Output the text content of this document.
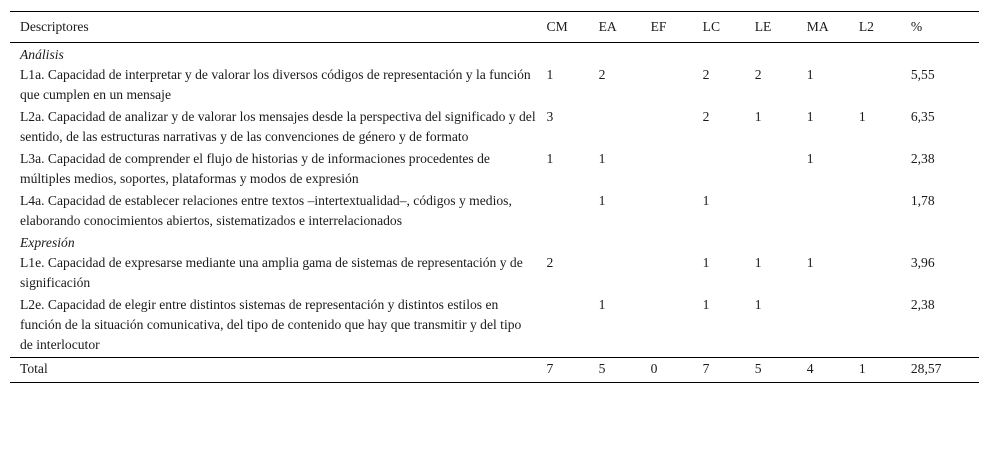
Descriptores	CM	EA	EF	LC	LE	MA	L2	%
Análisis								
L1a. Capacidad de interpretar y de valorar los diversos códigos de representación y la función que cumplen en un mensaje	1	2		2	2	1		5,55
L2a. Capacidad de analizar y de valorar los mensajes desde la perspectiva del significado y del sentido, de las estructuras narrativas y de las convenciones de género y de formato	3			2	1	1	1	6,35
L3a. Capacidad de comprender el flujo de historias y de informaciones procedentes de múltiples medios, soportes, plataformas y modos de expresión	1	1				1		2,38
L4a. Capacidad de establecer relaciones entre textos –intertextualidad–, códigos y medios, elaborando conocimientos abiertos, sistematizados e interrelacionados		1		1				1,78
Expresión								
L1e. Capacidad de expresarse mediante una amplia gama de sistemas de representación y de significación	2			1	1	1		3,96
L2e. Capacidad de elegir entre distintos sistemas de representación y distintos estilos en función de la situación comunicativa, del tipo de contenido que hay que transmitir y del tipo de interlocutor		1		1	1			2,38
Total	7	5	0	7	5	4	1	28,57
